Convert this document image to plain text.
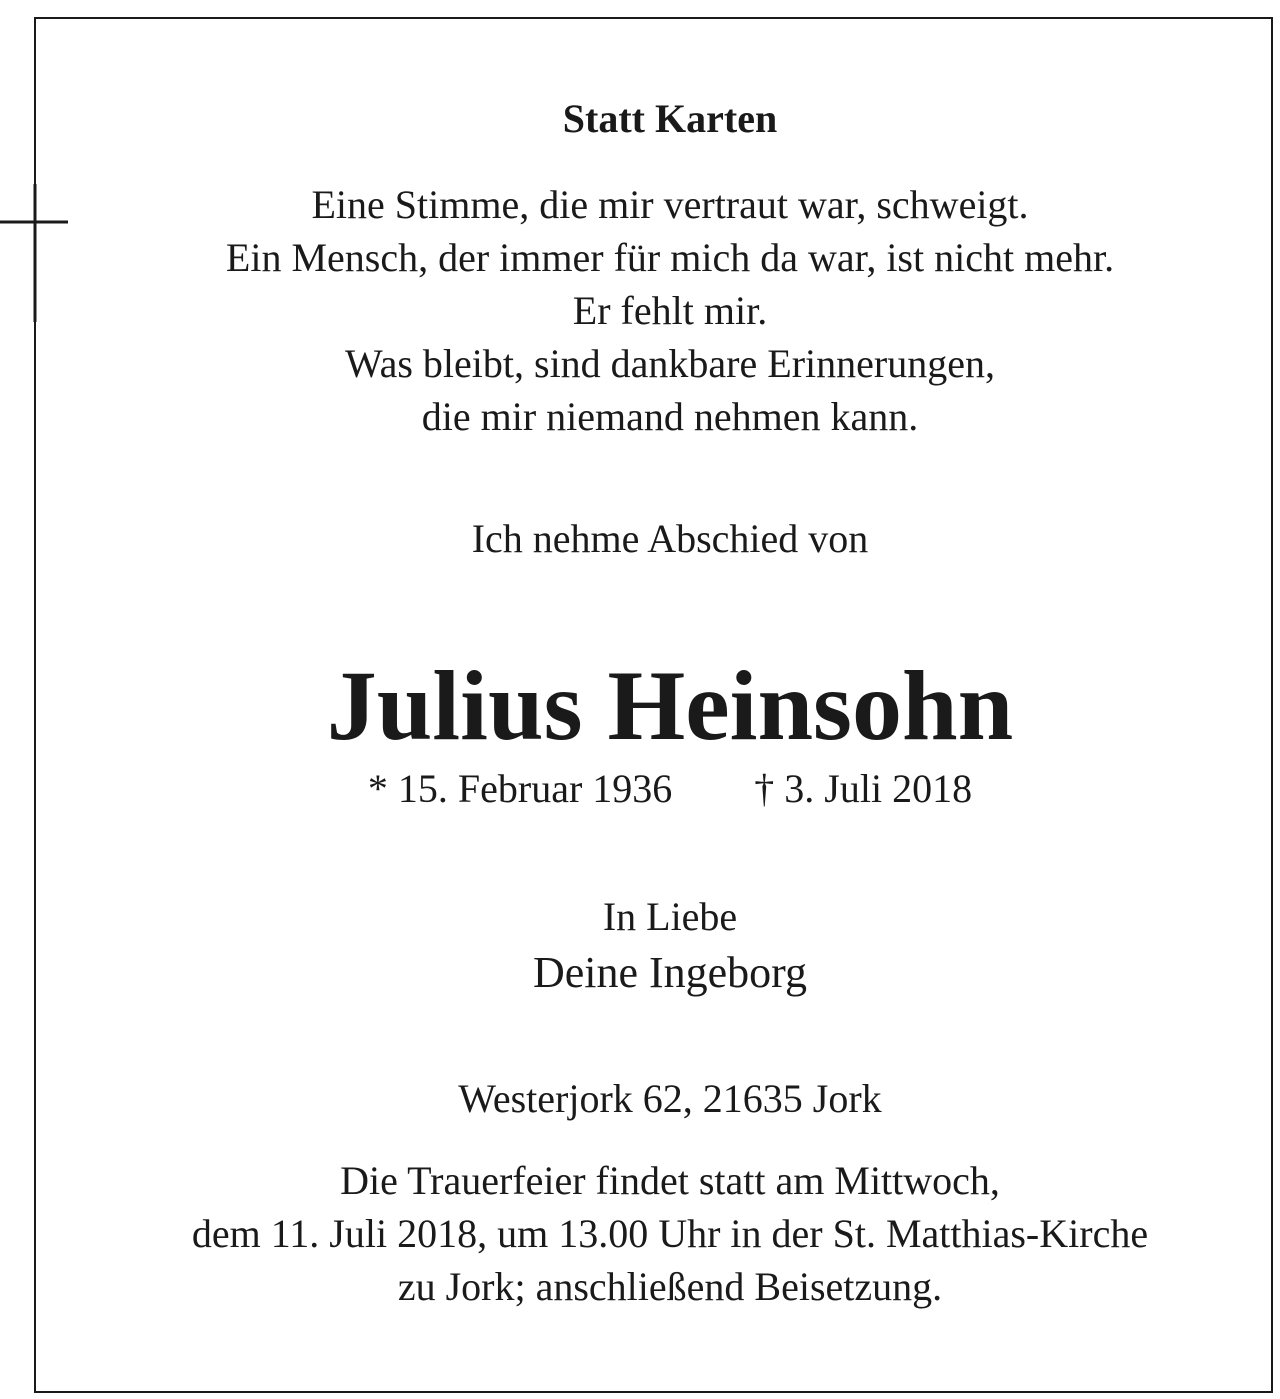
Statt Karten
Eine Stimme, die mir vertraut war, schweigt.
Ein Mensch, der immer für mich da war, ist nicht mehr.
Er fehlt mir.
Was bleibt, sind dankbare Erinnerungen,
die mir niemand nehmen kann.
Ich nehme Abschied von
Julius Heinsohn
* 15. Februar 1936 † 3. Juli 2018
In Liebe
Deine Ingeborg
Westerjork 62, 21635 Jork
Die Trauerfeier findet statt am Mittwoch,
dem 11. Juli 2018, um 13.00 Uhr in der St. Matthias-Kirche
zu Jork; anschließend Beisetzung.
